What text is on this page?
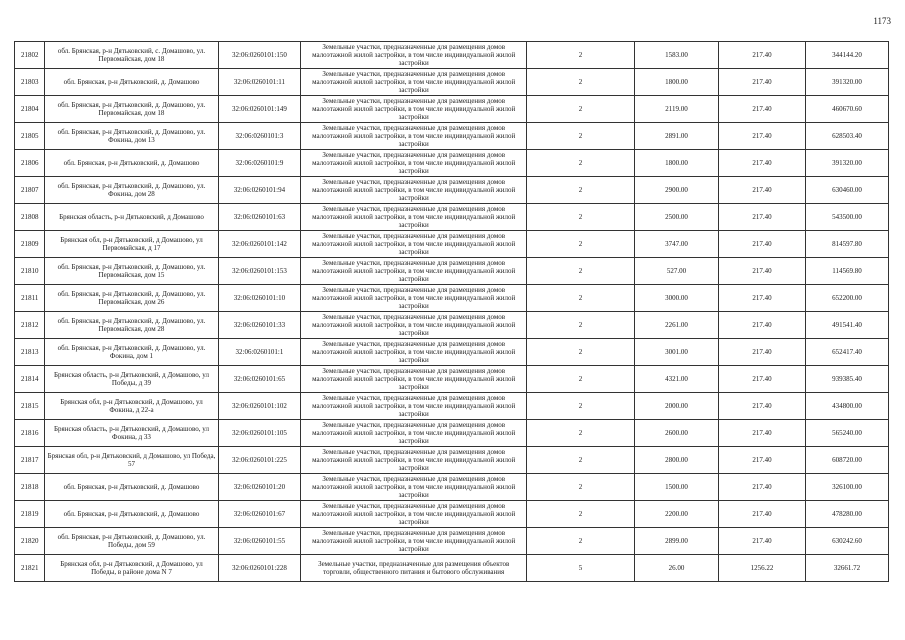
1173
21802	обл. Брянская, р-н Дятьковский, с. Домашово, ул. Первомайская, дом 18	32:06:0260101:150	Земельные участки, предназначенные для размещения домов малоэтажной жилой застройки, в том числе индивидуальной жилой застройки	2	1583.00	217.40	344144.20
21803	обл. Брянская, р-н Дятьковский, д. Домашово	32:06:0260101:11	Земельные участки, предназначенные для размещения домов малоэтажной жилой застройки, в том числе индивидуальной жилой застройки	2	1800.00	217.40	391320.00
21804	обл. Брянская, р-н Дятьковский, д. Домашово, ул. Первомайская, дом 18	32:06:0260101:149	Земельные участки, предназначенные для размещения домов малоэтажной жилой застройки, в том числе индивидуальной жилой застройки	2	2119.00	217.40	460670.60
21805	обл. Брянская, р-н Дятьковский, д. Домашово, ул. Фокина, дом 13	32:06:0260101:3	Земельные участки, предназначенные для размещения домов малоэтажной жилой застройки, в том числе индивидуальной жилой застройки	2	2891.00	217.40	628503.40
21806	обл. Брянская, р-н Дятьковский, д. Домашово	32:06:0260101:9	Земельные участки, предназначенные для размещения домов малоэтажной жилой застройки, в том числе индивидуальной жилой застройки	2	1800.00	217.40	391320.00
21807	обл. Брянская, р-н Дятьковский, д. Домашово, ул. Фокина, дом 28	32:06:0260101:94	Земельные участки, предназначенные для размещения домов малоэтажной жилой застройки, в том числе индивидуальной жилой застройки	2	2900.00	217.40	630460.00
21808	Брянская область, р-н Дятьковский, д Домашово	32:06:0260101:63	Земельные участки, предназначенные для размещения домов малоэтажной жилой застройки, в том числе индивидуальной жилой застройки	2	2500.00	217.40	543500.00
21809	Брянская обл, р-н Дятьковский, д Домашово, ул Первомайская, д 17	32:06:0260101:142	Земельные участки, предназначенные для размещения домов малоэтажной жилой застройки, в том числе индивидуальной жилой застройки	2	3747.00	217.40	814597.80
21810	обл. Брянская, р-н Дятьковский, д. Домашово, ул. Первомайская, дом 15	32:06:0260101:153	Земельные участки, предназначенные для размещения домов малоэтажной жилой застройки, в том числе индивидуальной жилой застройки	2	527.00	217.40	114569.80
21811	обл. Брянская, р-н Дятьковский, д. Домашово, ул. Первомайская, дом 26	32:06:0260101:10	Земельные участки, предназначенные для размещения домов малоэтажной жилой застройки, в том числе индивидуальной жилой застройки	2	3000.00	217.40	652200.00
21812	обл. Брянская, р-н Дятьковский, д. Домашово, ул. Первомайская, дом 28	32:06:0260101:33	Земельные участки, предназначенные для размещения домов малоэтажной жилой застройки, в том числе индивидуальной жилой застройки	2	2261.00	217.40	491541.40
21813	обл. Брянская, р-н Дятьковский, д. Домашово, ул. Фокина, дом 1	32:06:0260101:1	Земельные участки, предназначенные для размещения домов малоэтажной жилой застройки, в том числе индивидуальной жилой застройки	2	3001.00	217.40	652417.40
21814	Брянская область, р-н Дятьковский, д Домашово, ул Победы, д 39	32:06:0260101:65	Земельные участки, предназначенные для размещения домов малоэтажной жилой застройки, в том числе индивидуальной жилой застройки	2	4321.00	217.40	939385.40
21815	Брянская обл, р-н Дятьковский, д Домашово, ул Фокина, д 22-а	32:06:0260101:102	Земельные участки, предназначенные для размещения домов малоэтажной жилой застройки, в том числе индивидуальной жилой застройки	2	2000.00	217.40	434800.00
21816	Брянская область, р-н Дятьковский, д Домашово, ул Фокина, д 33	32:06:0260101:105	Земельные участки, предназначенные для размещения домов малоэтажной жилой застройки, в том числе индивидуальной жилой застройки	2	2600.00	217.40	565240.00
21817	Брянская обл, р-н Дятьковский, д Домашово, ул Победа, 57	32:06:0260101:225	Земельные участки, предназначенные для размещения домов малоэтажной жилой застройки, в том числе индивидуальной жилой застройки	2	2800.00	217.40	608720.00
21818	обл. Брянская, р-н Дятьковский, д. Домашово	32:06:0260101:20	Земельные участки, предназначенные для размещения домов малоэтажной жилой застройки, в том числе индивидуальной жилой застройки	2	1500.00	217.40	326100.00
21819	обл. Брянская, р-н Дятьковский, д. Домашово	32:06:0260101:67	Земельные участки, предназначенные для размещения домов малоэтажной жилой застройки, в том числе индивидуальной жилой застройки	2	2200.00	217.40	478280.00
21820	обл. Брянская, р-н Дятьковский, д. Домашово, ул. Победы, дом 59	32:06:0260101:55	Земельные участки, предназначенные для размещения домов малоэтажной жилой застройки, в том числе индивидуальной жилой застройки	2	2899.00	217.40	630242.60
21821	Брянская обл, р-н Дятьковский, д Домашово, ул Победы, в районе дома N 7	32:06:0260101:228	Земельные участки, предназначенные для размещения объектов торговли, общественного питания и бытового обслуживания	5	26.00	1256.22	32661.72
